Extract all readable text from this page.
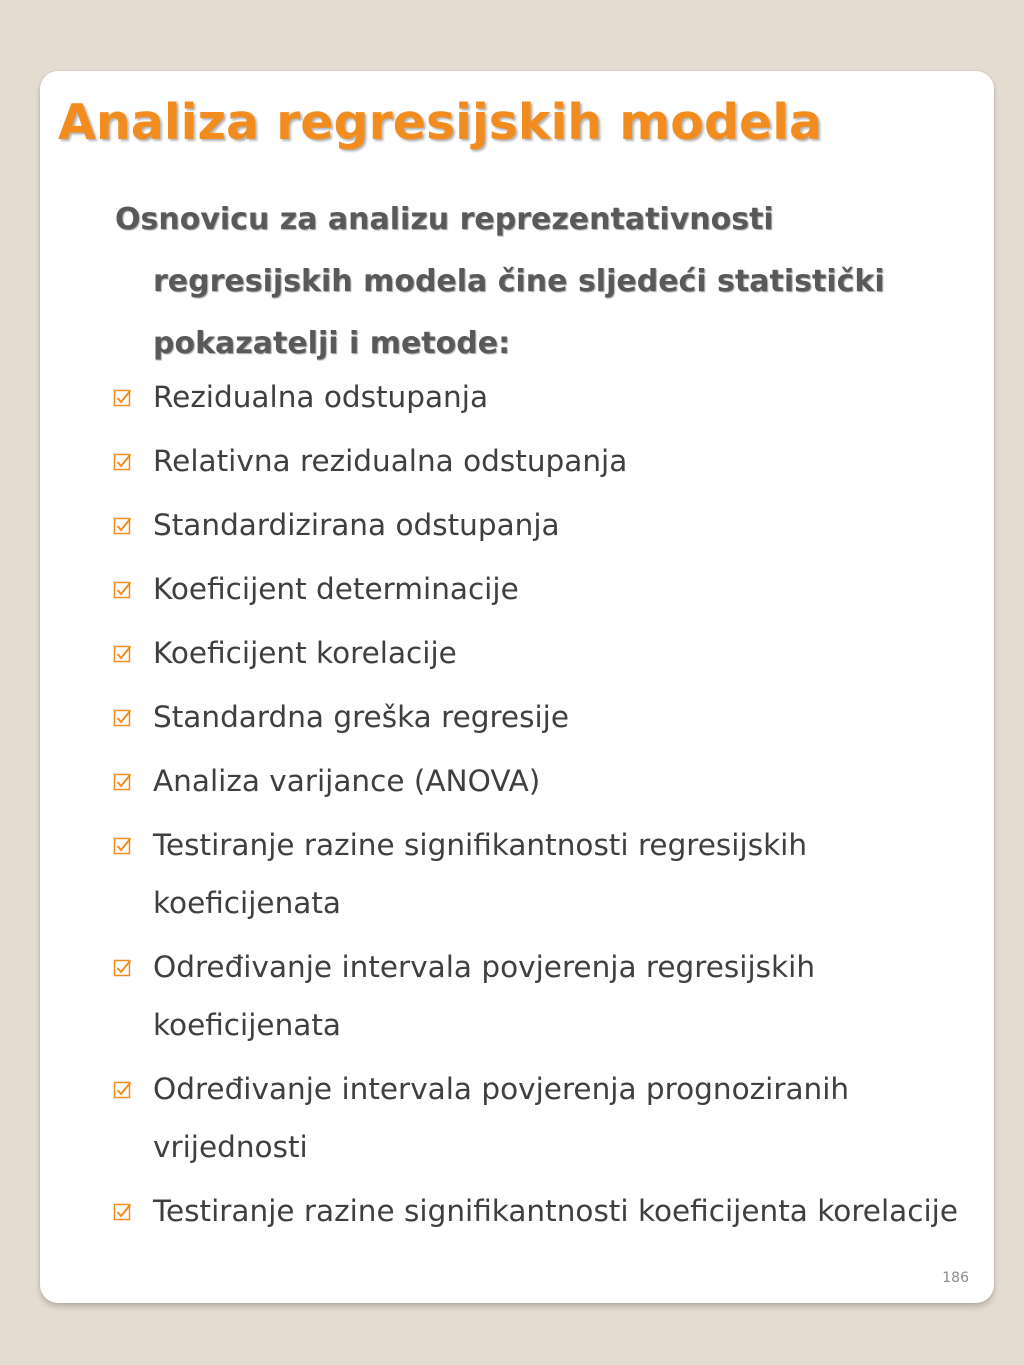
Analiza regresijskih modela

Osnovicu za analizu reprezentativnosti regresijskih modela čine sljedeći statistički pokazatelji i metode:

Rezidualna odstupanja
Relativna rezidualna odstupanja
Standardizirana odstupanja
Koeficijent determinacije
Koeficijent korelacije
Standardna greška regresije
Analiza varijance (ANOVA)
Testiranje razine signifikantnosti regresijskih koeficijenata
Određivanje intervala povjerenja regresijskih koeficijenata
Određivanje intervala povjerenja prognoziranih vrijednosti
Testiranje razine signifikantnosti koeficijenta korelacije
186
